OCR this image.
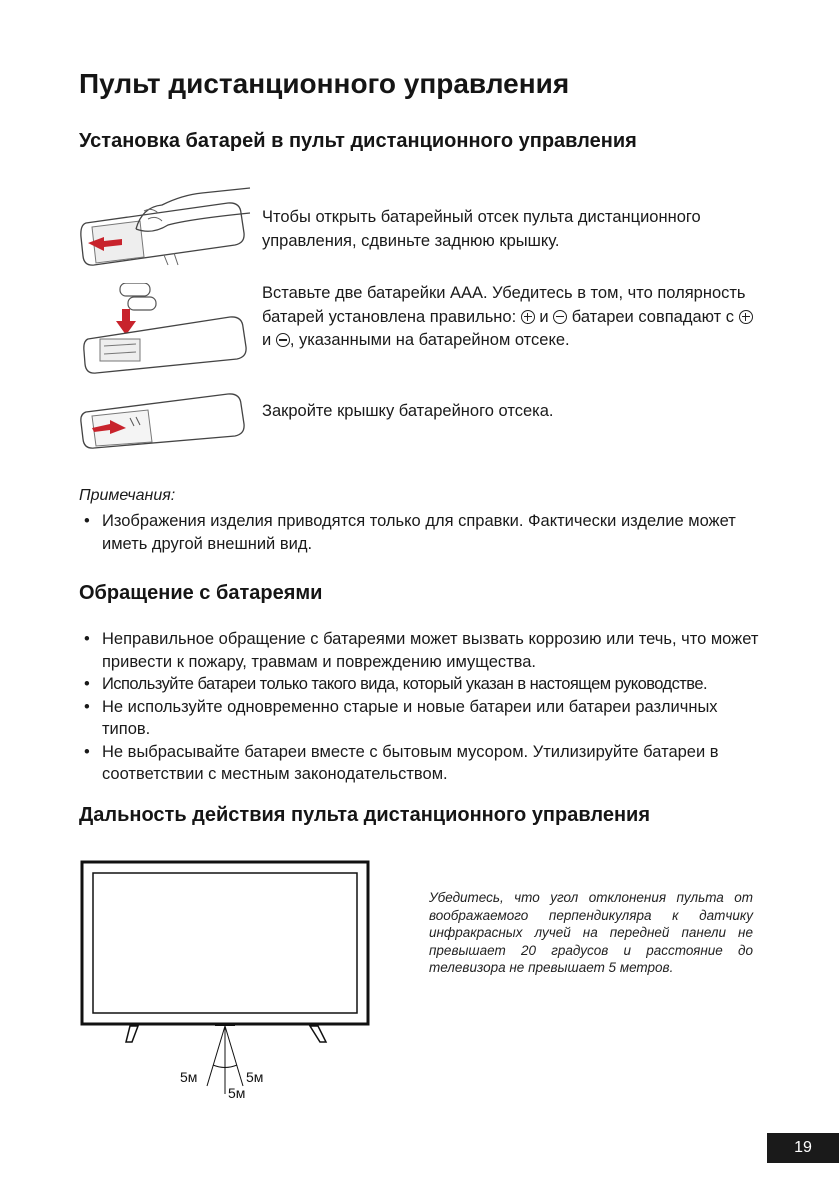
Пульт дистанционного управления
Установка батарей в пульт дистанционного управления
Чтобы открыть батарейный отсек пульта дистанционного управления, сдвиньте заднюю крышку.
Вставьте две батарейки AAA. Убедитесь в том, что полярность батарей установлена правильно: и батареи совпадают с  и , указанными на батарейном отсеке.
Закройте крышку батарейного отсека.
Примечания:
• Изображения изделия приводятся только для справки. Фактически изделие может иметь другой внешний вид.
Обращение с батареями
• Неправильное обращение с батареями может вызвать коррозию или течь, что может привести к пожару, травмам и повреждению имущества.
• Используйте батареи только такого вида, который указан в настоящем руководстве.
• Не используйте одновременно старые и новые батареи или батареи различных типов.
• Не выбрасывайте батареи вместе с бытовым мусором. Утилизируйте батареи в соответствии с местным законодательством.
Дальность действия пульта дистанционного управления
5м	5м
5м
Убедитесь, что угол отклонения пульта от воображаемого перпендикуляра к датчику инфракрасных лучей на передней панели не превышает 20 градусов и расстояние до телевизора не превышает 5 метров.
19
